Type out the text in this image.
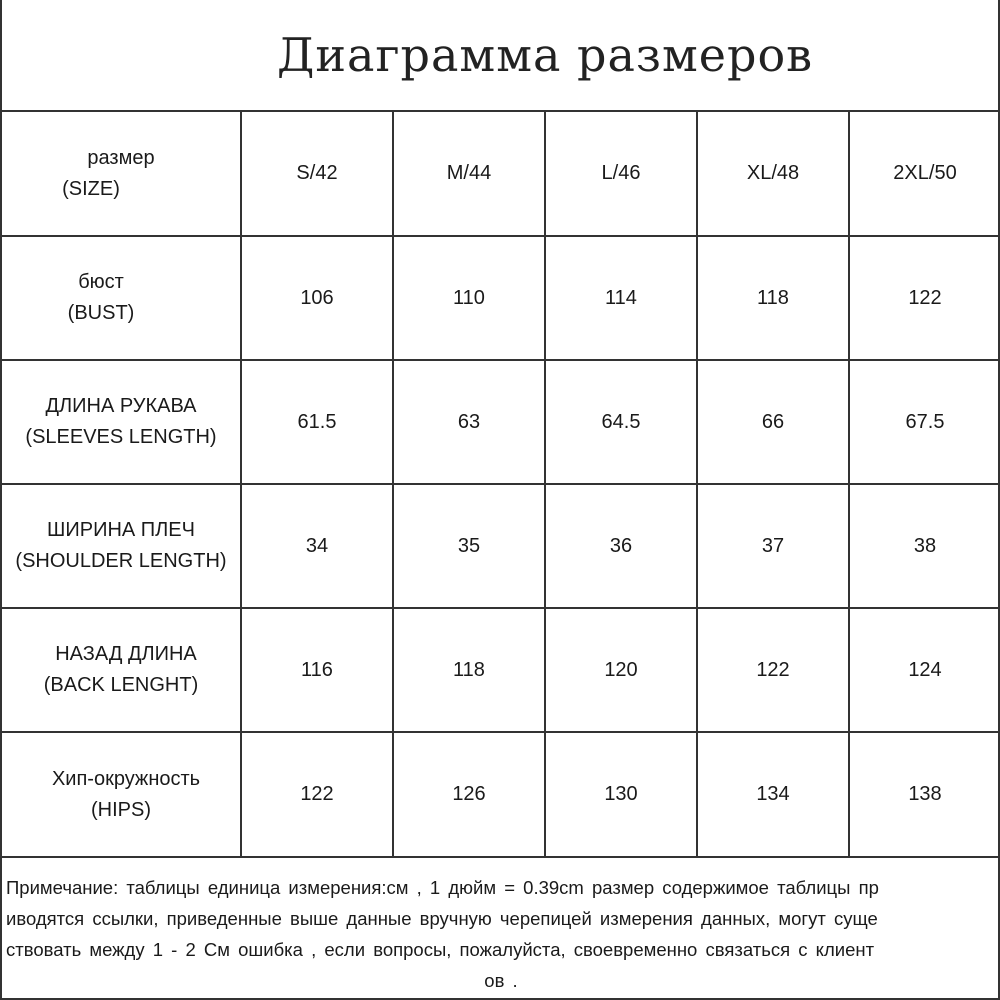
Диаграмма размеров
размер
(SIZE)	S/42	M/44	L/46	XL/48	2XL/50

бюст
(BUST)	106	110	114	118	122

ДЛИНА РУКАВА
(SLEEVES LENGTH)	61.5	63	64.5	66	67.5

ШИРИНА ПЛЕЧ
(SHOULDER LENGTH)	34	35	36	37	38

НАЗАД ДЛИНА
(BACK LENGHT)	116	118	120	122	124

Хип-окружность
(HIPS)	122	126	130	134	138
Примечание: таблицы единица измерения:см , 1 дюйм = 0.39cm размер содержимое таблицы пр
иводятся ссылки, приведенные выше данные вручную черепицей измерения данных, могут суще
ствовать между 1 - 2 См ошибка , если вопросы, пожалуйста, своевременно связаться с клиент
ов .
